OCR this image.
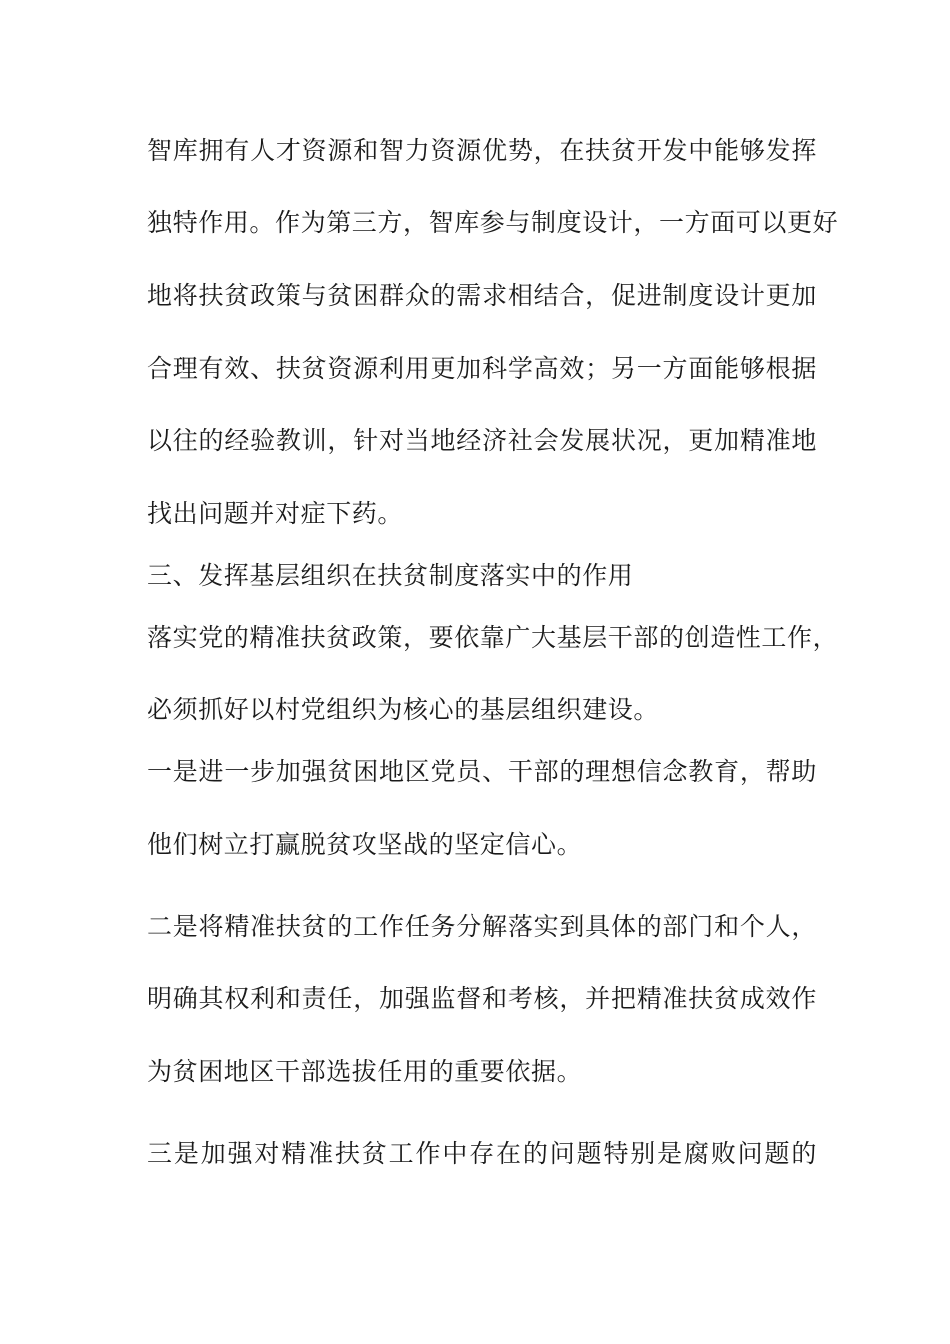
智库拥有人才资源和智力资源优势，在扶贫开发中能够发挥
独特作用。作为第三方，智库参与制度设计，一方面可以更好
地将扶贫政策与贫困群众的需求相结合，促进制度设计更加
合理有效、扶贫资源利用更加科学高效；另一方面能够根据
以往的经验教训，针对当地经济社会发展状况，更加精准地
找出问题并对症下药。
三、发挥基层组织在扶贫制度落实中的作用
落实党的精准扶贫政策，要依靠广大基层干部的创造性工作，
必须抓好以村党组织为核心的基层组织建设。
一是进一步加强贫困地区党员、干部的理想信念教育，帮助
他们树立打赢脱贫攻坚战的坚定信心。
二是将精准扶贫的工作任务分解落实到具体的部门和个人，
明确其权利和责任，加强监督和考核，并把精准扶贫成效作
为贫困地区干部选拔任用的重要依据。
三是加强对精准扶贫工作中存在的问题特别是腐败问题的
